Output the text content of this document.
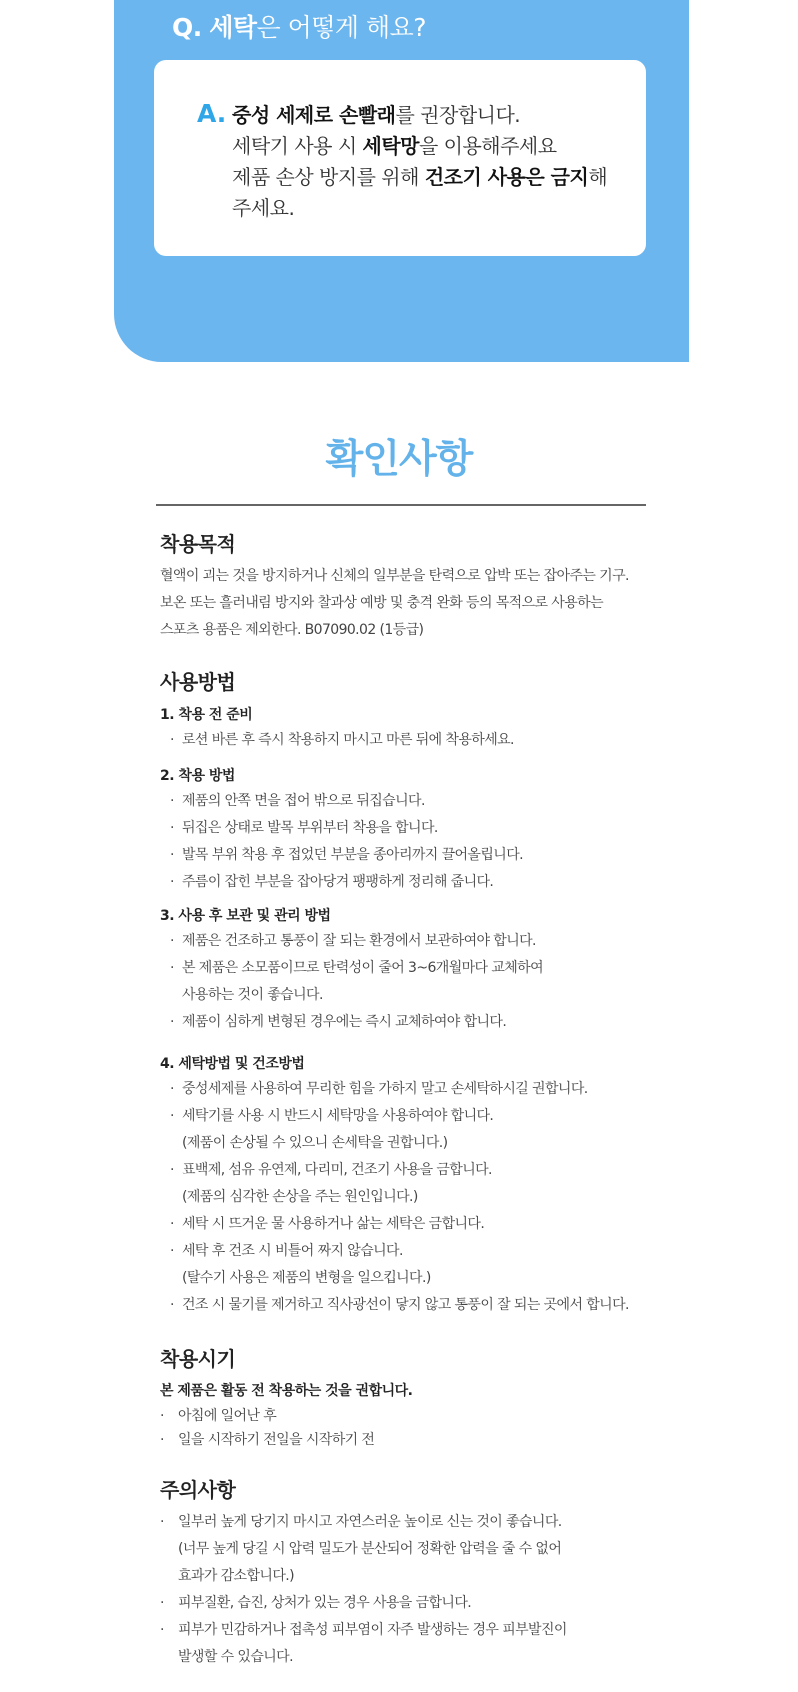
Q. 세탁은 어떻게 해요?
A. 중성 세제로 손빨래를 권장합니다.
세탁기 사용 시 세탁망을 이용해주세요
제품 손상 방지를 위해 건조기 사용은 금지해
주세요.
확인사항
착용목적
혈액이 괴는 것을 방지하거나 신체의 일부분을 탄력으로 압박 또는 잡아주는 기구.
보온 또는 흘러내림 방지와 찰과상 예방 및 충격 완화 등의 목적으로 사용하는
스포츠 용품은 제외한다. B07090.02 (1등급)
사용방법
1. 착용 전 준비
· 로션 바른 후 즉시 착용하지 마시고 마른 뒤에 착용하세요.
2. 착용 방법
· 제품의 안쪽 면을 접어 밖으로 뒤집습니다.
· 뒤집은 상태로 발목 부위부터 착용을 합니다.
· 발목 부위 착용 후 접었던 부분을 종아리까지 끌어올립니다.
· 주름이 잡힌 부분을 잡아당겨 팽팽하게 정리해 줍니다.
3. 사용 후 보관 및 관리 방법
· 제품은 건조하고 통풍이 잘 되는 환경에서 보관하여야 합니다.
· 본 제품은 소모품이므로 탄력성이 줄어 3~6개월마다 교체하여
사용하는 것이 좋습니다.
· 제품이 심하게 변형된 경우에는 즉시 교체하여야 합니다.
4. 세탁방법 및 건조방법
· 중성세제를 사용하여 무리한 힘을 가하지 말고 손세탁하시길 권합니다.
· 세탁기를 사용 시 반드시 세탁망을 사용하여야 합니다.
(제품이 손상될 수 있으니 손세탁을 권합니다.)
· 표백제, 섬유 유연제, 다리미, 건조기 사용을 금합니다.
(제품의 심각한 손상을 주는 원인입니다.)
· 세탁 시 뜨거운 물 사용하거나 삶는 세탁은 금합니다.
· 세탁 후 건조 시 비틀어 짜지 않습니다.
(탈수기 사용은 제품의 변형을 일으킵니다.)
· 건조 시 물기를 제거하고 직사광선이 닿지 않고 통풍이 잘 되는 곳에서 합니다.
착용시기
본 제품은 활동 전 착용하는 것을 권합니다.
· 아침에 일어난 후
· 일을 시작하기 전일을 시작하기 전
주의사항
· 일부러 높게 당기지 마시고 자연스러운 높이로 신는 것이 좋습니다.
(너무 높게 당길 시 압력 밀도가 분산되어 정확한 압력을 줄 수 없어
효과가 감소합니다.)
· 피부질환, 습진, 상처가 있는 경우 사용을 금합니다.
· 피부가 민감하거나 접촉성 피부염이 자주 발생하는 경우 피부발진이
발생할 수 있습니다.
